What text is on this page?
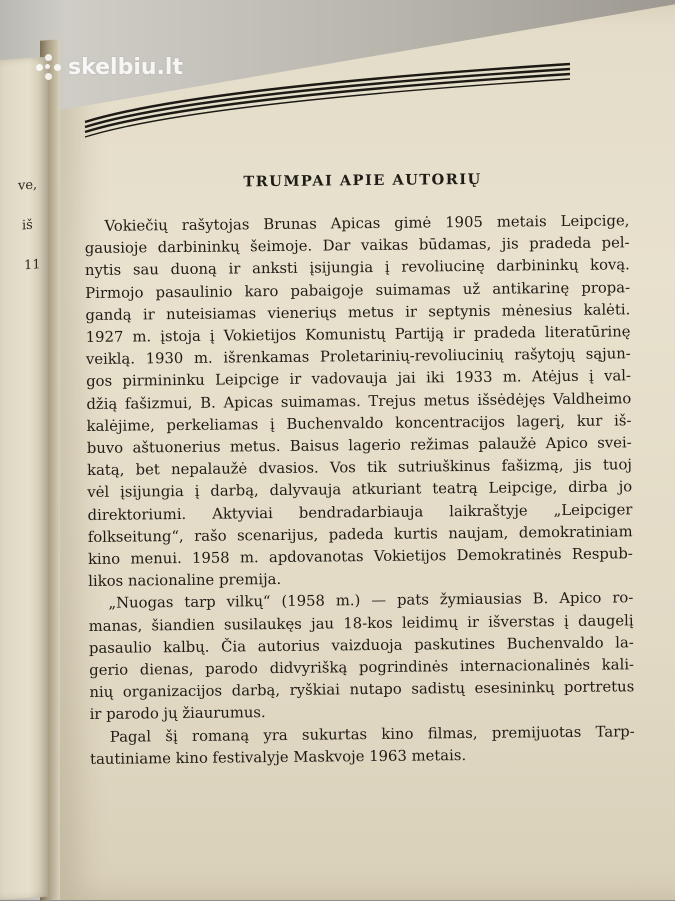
ve,
iš
11
skelbiu.lt
TRUMPAI APIE AUTORIŲ

Vokiečių rašytojas Brunas Apicas gimė 1905 metais Leipcige,
gausioje darbininkų šeimoje. Dar vaikas būdamas, jis pradeda pel-
nytis sau duoną ir anksti įsijungia į revoliucinę darbininkų kovą.
Pirmojo pasaulinio karo pabaigoje suimamas už antikarinę propa-
gandą ir nuteisiamas vieneriųs metus ir septynis mėnesius kalėti.
1927 m. įstoja į Vokietijos Komunistų Partiją ir pradeda literatūrinę
veiklą. 1930 m. išrenkamas Proletarinių-revoliucinių rašytojų sąjun-
gos pirmininku Leipcige ir vadovauja jai iki 1933 m. Atėjus į val-
džią fašizmui, B. Apicas suimamas. Trejus metus išsėdėjęs Valdheimo
kalėjime, perkeliamas į Buchenvaldo koncentracijos lagerį, kur iš-
buvo aštuonerius metus. Baisus lagerio režimas palaužė Apico svei-
katą, bet nepalaužė dvasios. Vos tik sutriuškinus fašizmą, jis tuoj
vėl įsijungia į darbą, dalyvauja atkuriant teatrą Leipcige, dirba jo
direktoriumi. Aktyviai bendradarbiauja laikraštyje „Leipciger
folkseitung“, rašo scenarijus, padeda kurtis naujam, demokratiniam
kino menui. 1958 m. apdovanotas Vokietijos Demokratinės Respub-
likos nacionaline premija.

„Nuogas tarp vilkų“ (1958 m.) — pats žymiausias B. Apico ro-
manas, šiandien susilaukęs jau 18-kos leidimų ir išverstas į daugelį
pasaulio kalbų. Čia autorius vaizduoja paskutines Buchenvaldo la-
gerio dienas, parodo didvyrišką pogrindinės internacionalinės kali-
nių organizacijos darbą, ryškiai nutapo sadistų esesininkų portretus
ir parodo jų žiaurumus.

Pagal šį romaną yra sukurtas kino filmas, premijuotas Tarp-
tautiniame kino festivalyje Maskvoje 1963 metais.
